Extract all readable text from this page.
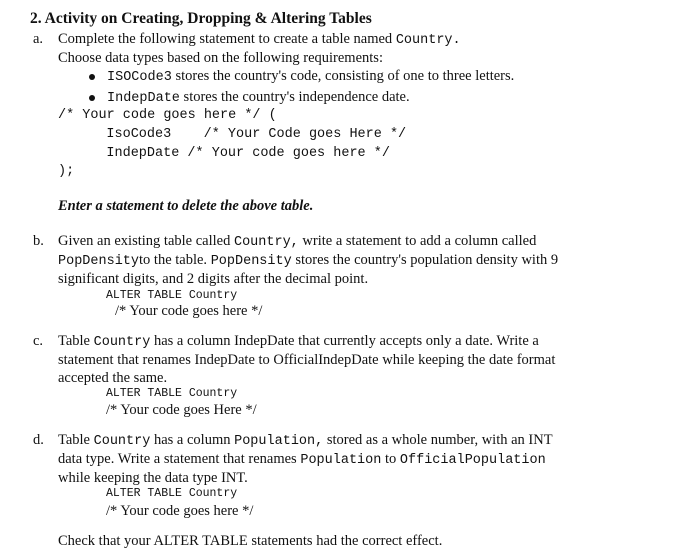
2. Activity on Creating, Dropping & Altering Tables
a. Complete the following statement to create a table named Country.
Choose data types based on the following requirements:
ISOCode3 stores the country's code, consisting of one to three letters.
IndepDate stores the country's independence date.
/* Your code goes here */ (
IsoCode3    /* Your Code goes Here */
IndepDate /* Your code goes here */
);
Enter a statement to delete the above table.
b. Given an existing table called Country, write a statement to add a column called
PopDensityto the table. PopDensity stores the country's population density with 9
significant digits, and 2 digits after the decimal point.
ALTER TABLE Country
/* Your code goes here */
c. Table Country has a column IndepDate that currently accepts only a date. Write a
statement that renames IndepDate to OfficialIndepDate while keeping the date format
accepted the same.
ALTER TABLE Country
/* Your code goes Here */
d. Table Country has a column Population, stored as a whole number, with an INT
data type. Write a statement that renames Population to OfficialPopulation
while keeping the data type INT.
ALTER TABLE Country
/* Your code goes here */
Check that your ALTER TABLE statements had the correct effect.
